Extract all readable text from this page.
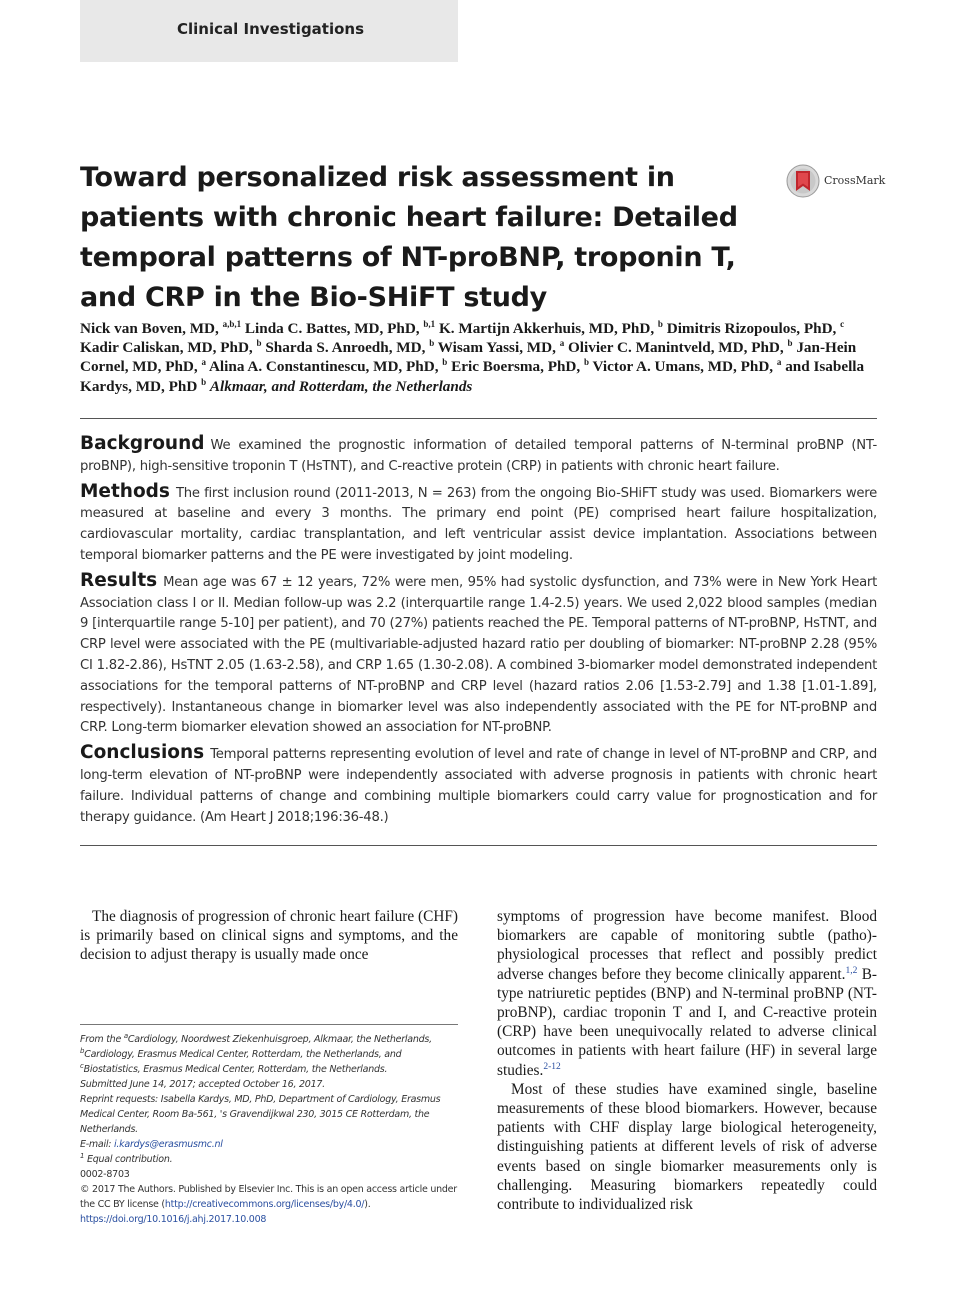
Clinical Investigations
Toward personalized risk assessment in patients with chronic heart failure: Detailed temporal patterns of NT-proBNP, troponin T, and CRP in the Bio-SHiFT study
CrossMark

Nick van Boven, MD, $^{a,b,1}$ Linda C. Battes, MD, PhD, $^{b,1}$ K. Martijn Akkerhuis, MD, PhD, $^b$ Dimitris Rizopoulos, PhD, $^c$ Kadir Caliskan, MD, PhD, $^b$ Sharda S. Anroedh, MD, $^b$ Wisam Yassi, MD, $^a$ Olivier C. Manintveld, MD, PhD, $^b$ Jan-Hein Cornel, MD, PhD, $^a$ Alina A. Constantinescu, MD, PhD, $^b$ Eric Boersma, PhD, $^b$ Victor A. Umans, MD, PhD, $^a$ and Isabella Kardys, MD, PhD $^b$ Alkmaar, and Rotterdam, the Netherlands

Background We examined the prognostic information of detailed temporal patterns of N-terminal proBNP (NT-proBNP), high-sensitive troponin T (HsTNT), and C-reactive protein (CRP) in patients with chronic heart failure.

Methods The first inclusion round (2011-2013, N = 263) from the ongoing Bio-SHiFT study was used. Biomarkers were measured at baseline and every 3 months. The primary end point (PE) comprised heart failure hospitalization, cardiovascular mortality, cardiac transplantation, and left ventricular assist device implantation. Associations between temporal biomarker patterns and the PE were investigated by joint modeling.

Results Mean age was 67 ± 12 years, 72% were men, 95% had systolic dysfunction, and 73% were in New York Heart Association class I or II. Median follow-up was 2.2 (interquartile range 1.4-2.5) years. We used 2,022 blood samples (median 9 [interquartile range 5-10] per patient), and 70 (27%) patients reached the PE. Temporal patterns of NT-proBNP, HsTNT, and CRP level were associated with the PE (multivariable-adjusted hazard ratio per doubling of biomarker: NT-proBNP 2.28 (95% CI 1.82-2.86), HsTNT 2.05 (1.63-2.58), and CRP 1.65 (1.30-2.08). A combined 3-biomarker model demonstrated independent associations for the temporal patterns of NT-proBNP and CRP level (hazard ratios 2.06 [1.53-2.79] and 1.38 [1.01-1.89], respectively). Instantaneous change in biomarker level was also independently associated with the PE for NT-proBNP and CRP. Long-term biomarker elevation showed an association for NT-proBNP.

Conclusions Temporal patterns representing evolution of level and rate of change in level of NT-proBNP and CRP, and long-term elevation of NT-proBNP were independently associated with adverse prognosis in patients with chronic heart failure. Individual patterns of change and combining multiple biomarkers could carry value for prognostication and for therapy guidance. (Am Heart J 2018;196:36-48.)

The diagnosis of progression of chronic heart failure (CHF) is primarily based on clinical signs and symptoms, and the decision to adjust therapy is usually made once

symptoms of progression have become manifest. Blood biomarkers are capable of monitoring subtle (patho)-physiological processes that reflect and possibly predict adverse changes before they become clinically apparent.$^{1,2}$ B-type natriuretic peptides (BNP) and N-terminal proBNP (NT-proBNP), cardiac troponin T and I, and C-reactive protein (CRP) have been unequivocally related to adverse clinical outcomes in patients with heart failure (HF) in several large studies.$^{2-12}$

Most of these studies have examined single, baseline measurements of these blood biomarkers. However, because patients with CHF display large biological heterogeneity, distinguishing patients at different levels of risk of adverse events based on single biomarker measurements only is challenging. Measuring biomarkers repeatedly could contribute to individualized risk

From the $^a$Cardiology, Noordwest Ziekenhuisgroep, Alkmaar, the Netherlands, $^b$Cardiology, Erasmus Medical Center, Rotterdam, the Netherlands, and $^c$Biostatistics, Erasmus Medical Center, Rotterdam, the Netherlands.
Submitted June 14, 2017; accepted October 16, 2017.
Reprint requests: Isabella Kardys, MD, PhD, Department of Cardiology, Erasmus Medical Center, Room Ba-561, 's Gravendijkwal 230, 3015 CE Rotterdam, the Netherlands.
E-mail: i.kardys@erasmusmc.nl
$^1$ Equal contribution.
0002-8703
© 2017 The Authors. Published by Elsevier Inc. This is an open access article under the CC BY license (http://creativecommons.org/licenses/by/4.0/).
https://doi.org/10.1016/j.ahj.2017.10.008
